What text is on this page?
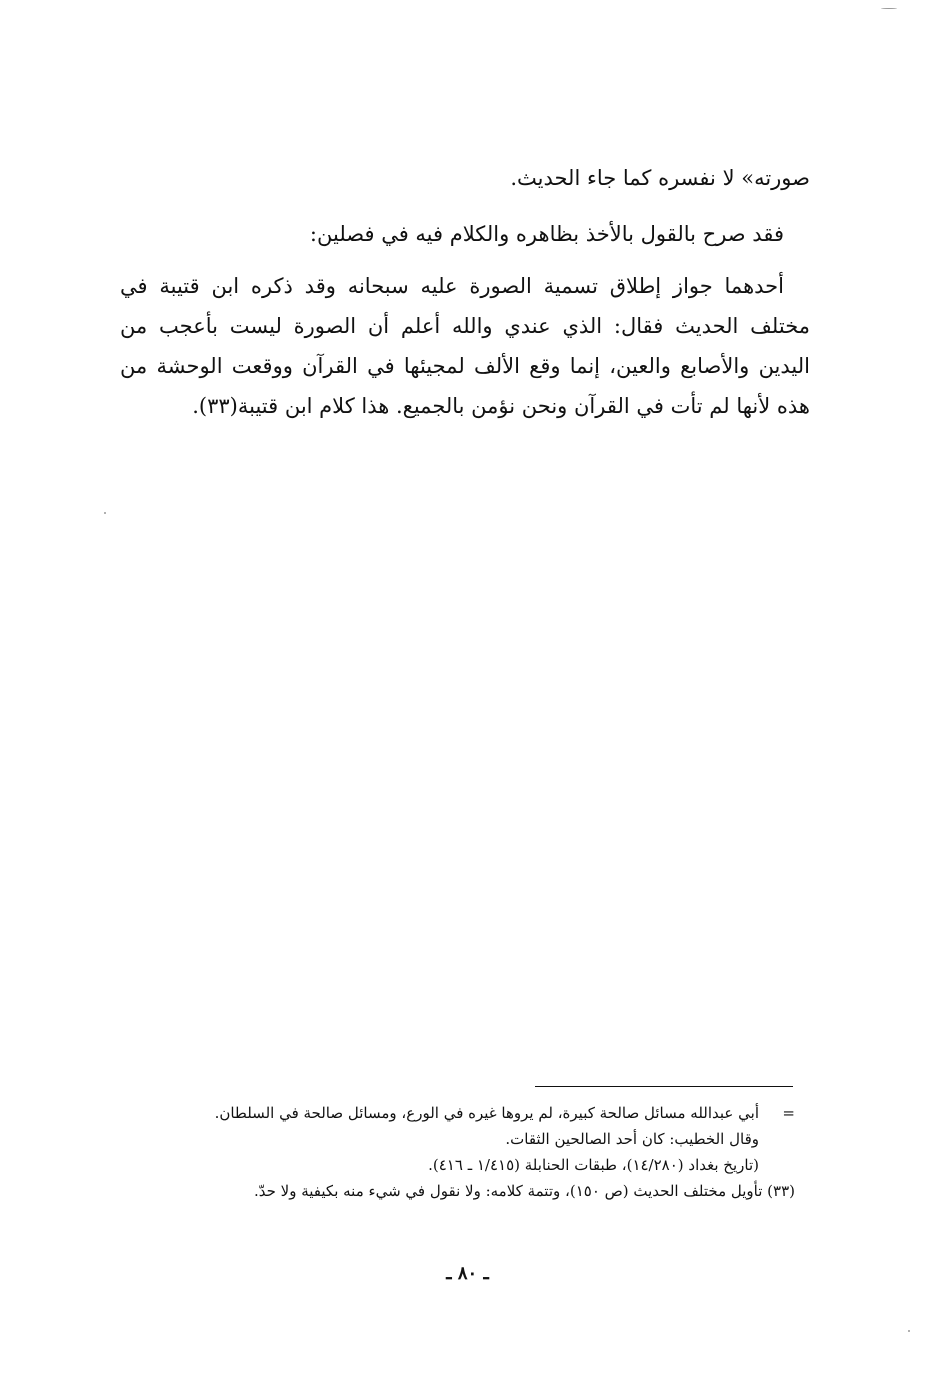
صورته» لا نفسره كما جاء الحديث.
فقد صرح بالقول بالأخذ بظاهره والكلام فيه في فصلين:
أحدهما جواز إطلاق تسمية الصورة عليه سبحانه وقد ذكره ابن قتيبة في
مختلف الحديث فقال: الذي عندي والله أعلم أن الصورة ليست بأعجب من
اليدين والأصابع والعين، إنما وقع الألف لمجيئها في القرآن ووقعت الوحشة من
هذه لأنها لم تأت في القرآن ونحن نؤمن بالجميع. هذا كلام ابن قتيبة(٣٣).
=أبي عبدالله مسائل صالحة كبيرة، لم يروها غيره في الورع، ومسائل صالحة في السلطان.
وقال الخطيب: كان أحد الصالحين الثقات.
(تاريخ بغداد (١٤/٢٨٠)، طبقات الحنابلة (١/٤١٥ ـ ٤١٦).
(٣٣) تأويل مختلف الحديث (ص ١٥٠)، وتتمة كلامه: ولا نقول في شيء منه بكيفية ولا حدّ.
ـ ٨٠ ـ
